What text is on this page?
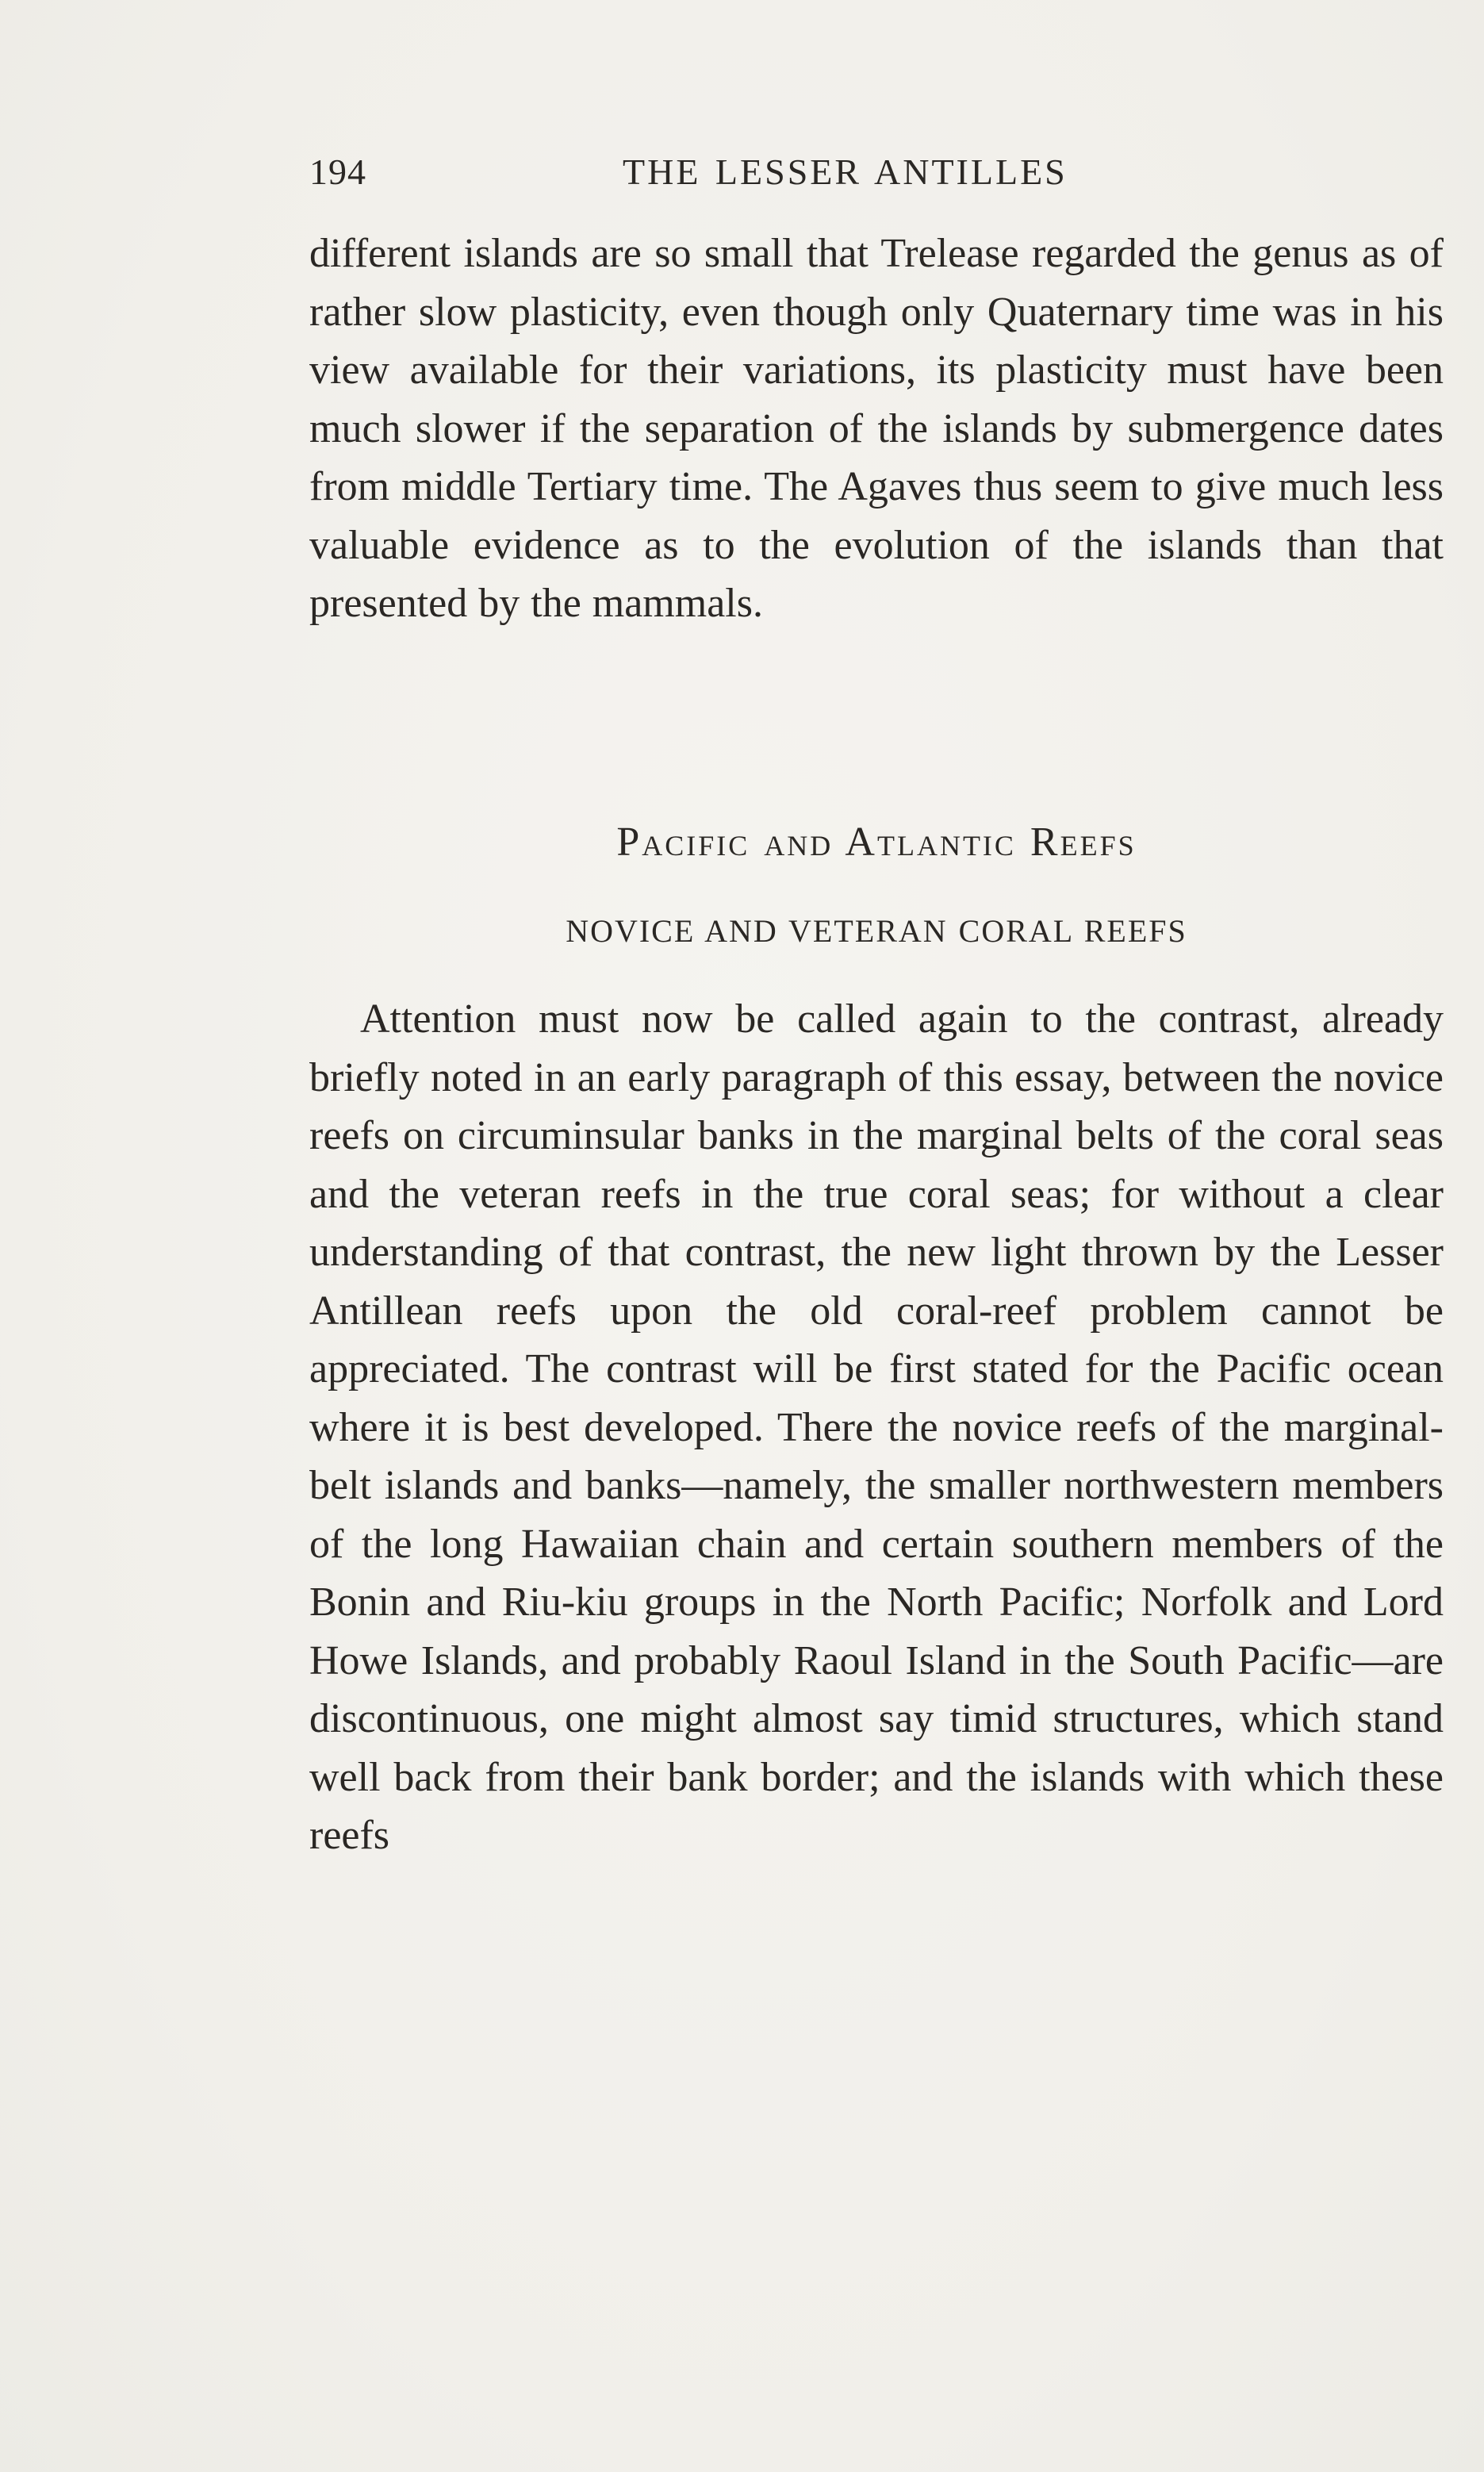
194	THE LESSER ANTILLES
different islands are so small that Trelease regarded the genus as of rather slow plasticity, even though only Quaternary time was in his view available for their variations, its plasticity must have been much slower if the separation of the islands by submergence dates from middle Tertiary time. The Agaves thus seem to give much less valuable evidence as to the evolution of the islands than that presented by the mammals.
Pacific and Atlantic Reefs
NOVICE AND VETERAN CORAL REEFS
Attention must now be called again to the contrast, already briefly noted in an early paragraph of this essay, between the novice reefs on circuminsular banks in the marginal belts of the coral seas and the veteran reefs in the true coral seas; for without a clear understanding of that contrast, the new light thrown by the Lesser Antillean reefs upon the old coral-reef problem cannot be appreciated. The contrast will be first stated for the Pacific ocean where it is best developed. There the novice reefs of the marginal-belt islands and banks—namely, the smaller northwestern members of the long Hawaiian chain and certain southern members of the Bonin and Riu-kiu groups in the North Pacific; Norfolk and Lord Howe Islands, and probably Raoul Island in the South Pacific—are discontinuous, one might almost say timid structures, which stand well back from their bank border; and the islands with which these reefs
